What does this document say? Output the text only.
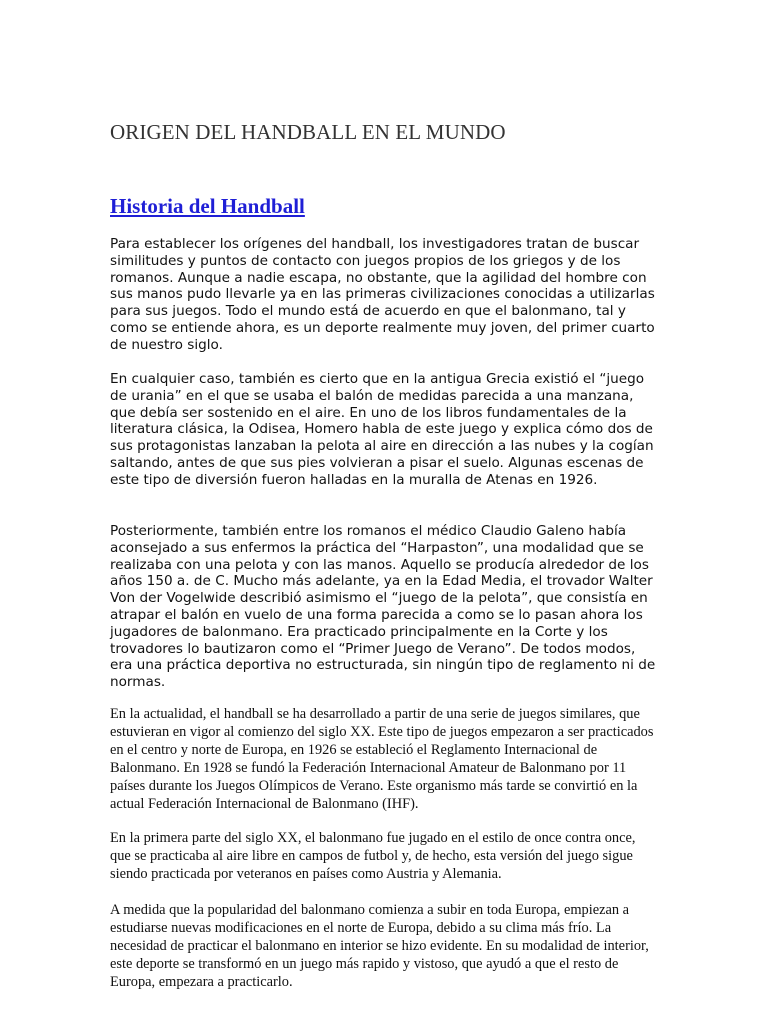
ORIGEN DEL HANDBALL EN EL MUNDO
Historia del Handball

Para establecer los orígenes del handball, los investigadores tratan de buscar similitudes y puntos de contacto con juegos propios de los griegos y de los romanos. Aunque a nadie escapa, no obstante, que la agilidad del hombre con sus manos pudo llevarle ya en las primeras civilizaciones conocidas a utilizarlas para sus juegos. Todo el mundo está de acuerdo en que el balonmano, tal y como se entiende ahora, es un deporte realmente muy joven, del primer cuarto de nuestro siglo.

En cualquier caso, también es cierto que en la antigua Grecia existió el “juego de urania” en el que se usaba el balón de medidas parecida a una manzana, que debía ser sostenido en el aire. En uno de los libros fundamentales de la literatura clásica, la Odisea, Homero habla de este juego y explica cómo dos de sus protagonistas lanzaban la pelota al aire en dirección a las nubes y la cogían saltando, antes de que sus pies volvieran a pisar el suelo. Algunas escenas de este tipo de diversión fueron halladas en la muralla de Atenas en 1926.

Posteriormente, también entre los romanos el médico Claudio Galeno había aconsejado a sus enfermos la práctica del “Harpaston”, una modalidad que se realizaba con una pelota y con las manos. Aquello se producía alrededor de los años 150 a. de C. Mucho más adelante, ya en la Edad Media, el trovador Walter Von der Vogelwide describió asimismo el “juego de la pelota”, que consistía en atrapar el balón en vuelo de una forma parecida a como se lo pasan ahora los jugadores de balonmano. Era practicado principalmente en la Corte y los trovadores lo bautizaron como el “Primer Juego de Verano”. De todos modos, era una práctica deportiva no estructurada, sin ningún tipo de reglamento ni de normas.

En la actualidad, el handball se ha desarrollado a partir de una serie de juegos similares, que estuvieran en vigor al comienzo del siglo XX. Este tipo de juegos empezaron a ser practicados en el centro y norte de Europa, en 1926 se estableció el Reglamento Internacional de Balonmano. En 1928 se fundó la Federación Internacional Amateur de Balonmano por 11 países durante los Juegos Olímpicos de Verano. Este organismo más tarde se convirtió en la actual Federación Internacional de Balonmano (IHF).

En la primera parte del siglo XX, el balonmano fue jugado en el estilo de once contra once, que se practicaba al aire libre en campos de futbol y, de hecho, esta versión del juego sigue siendo practicada por veteranos en países como Austria y Alemania.

A medida que la popularidad del balonmano comienza a subir en toda Europa, empiezan a estudiarse nuevas modificaciones en el norte de Europa, debido a su clima más frío. La necesidad de practicar el balonmano en interior se hizo evidente. En su modalidad de interior, este deporte se transformó en un juego más rapido y vistoso, que ayudó a que el resto de Europa, empezara a practicarlo.
